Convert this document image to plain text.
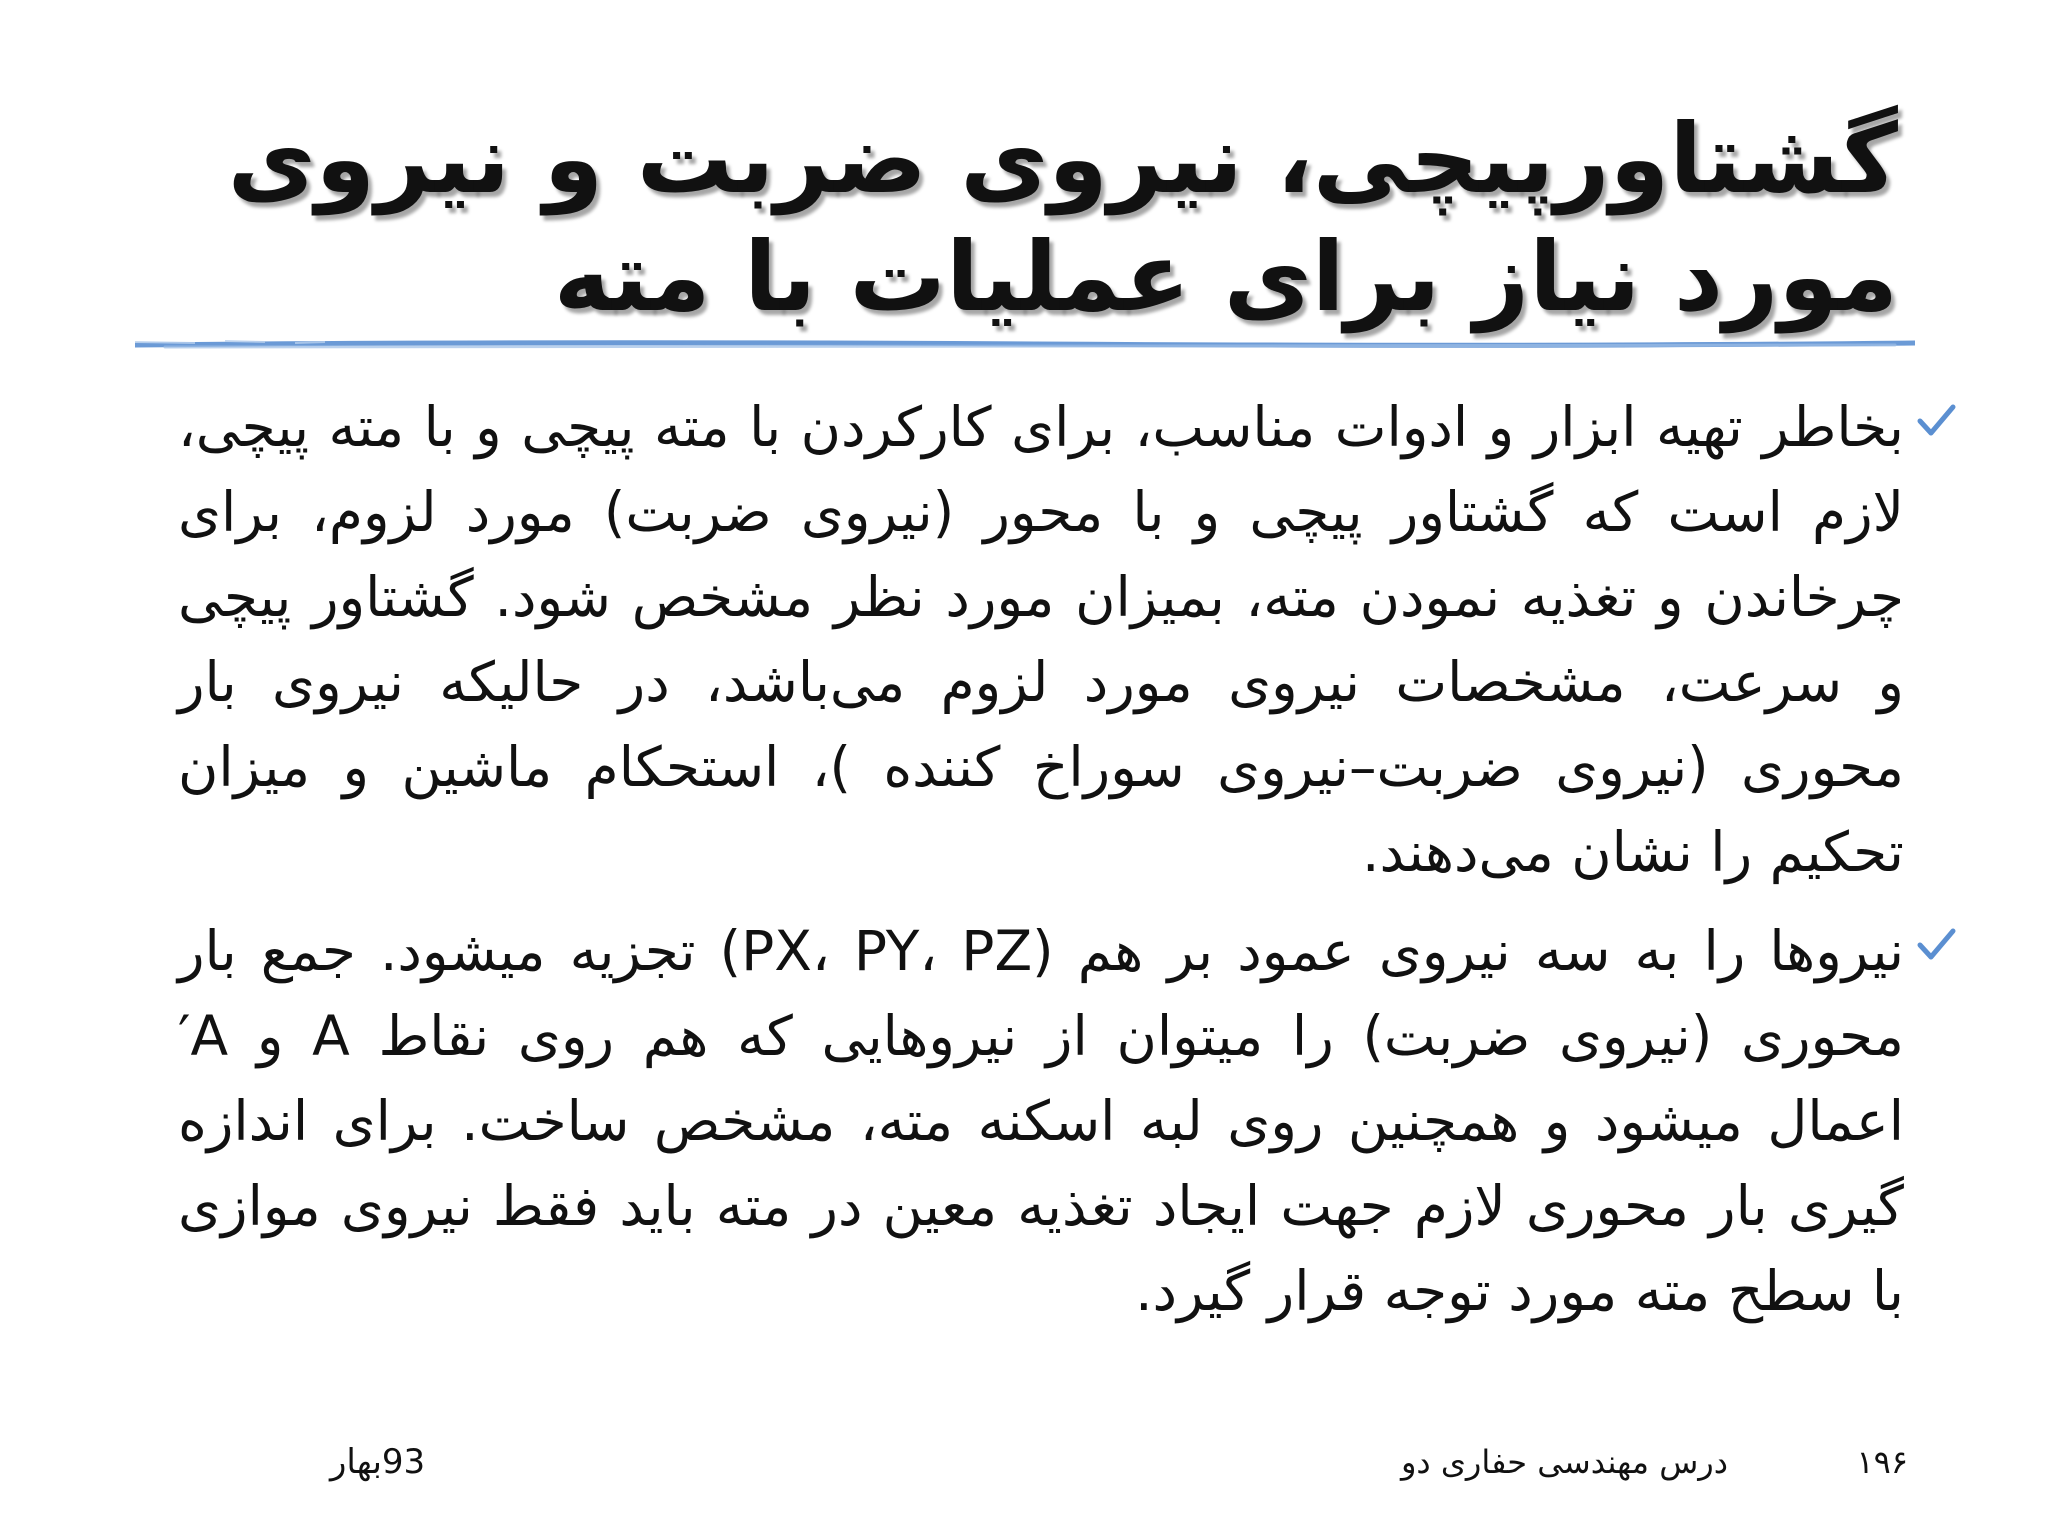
گشتاورپیچی، نیروی ضربت و نیروی مورد نیاز برای عملیات با مته
بخاطر تهیه ابزار و ادوات مناسب، برای کارکردن با مته پیچی و با مته پیچی، لازم است که گشتاور پیچی و با محور (نیروی ضربت) مورد لزوم، برای چرخاندن و تغذیه نمودن مته، بمیزان مورد نظر مشخص شود. گشتاور پیچی و سرعت، مشخصات نیروی مورد لزوم می‌باشد، در حالیکه نیروی بار محوری (نیروی ضربت–نیروی سوراخ کننده )، استحکام ماشین و میزان تحکیم را نشان می‌دهند.
نیروها را به سه نیروی عمود بر هم (PX، PY، PZ) تجزیه میشود. جمع بار محوری (نیروی ضربت) را میتوان از نیروهایی که هم روی نقاط A و A′ اعمال میشود و همچنین روی لبه اسکنه مته، مشخص ساخت. برای اندازه گیری بار محوری لازم جهت ایجاد تغذیه معین در مته باید فقط نیروی موازی با سطح مته مورد توجه قرار گیرد.
۱۹۶
درس مهندسی حفاری دو
93بهار
